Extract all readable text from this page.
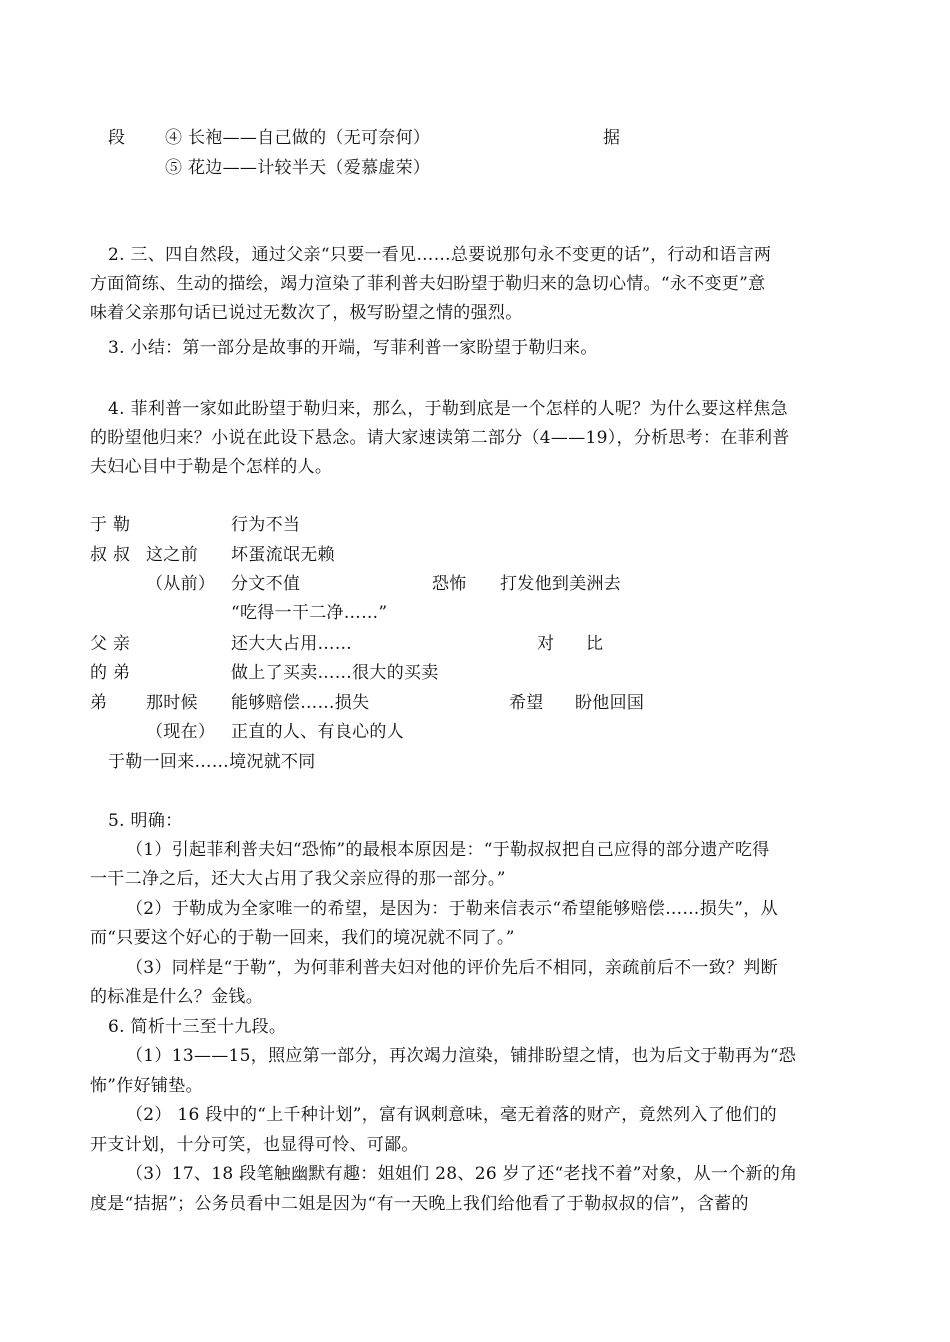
段 ④ 长袍——自己做的（无可奈何）	据
⑤ 花边——计较半天（爱慕虚荣）
2. 三、四自然段，通过父亲“只要一看见……总要说那句永不变更的话”，行动和语言两
方面简练、生动的描绘，竭力渲染了菲利普夫妇盼望于勒归来的急切心情。“永不变更”意
味着父亲那句话已说过无数次了，极写盼望之情的强烈。
3. 小结：第一部分是故事的开端，写菲利普一家盼望于勒归来。
4. 菲利普一家如此盼望于勒归来，那么，于勒到底是一个怎样的人呢？为什么要这样焦急
的盼望他归来？小说在此设下悬念。请大家速读第二部分（4——19），分析思考：在菲利普
夫妇心目中于勒是个怎样的人。
于 勒	行为不当
叔 叔 这之前 坏蛋流氓无赖
（从前） 分文不值	恐怖 打发他到美洲去
“吃得一干二净……”
父 亲	还大大占用……	对 比
的 弟	做上了买卖……很大的买卖
弟 那时候 能够赔偿……损失	希望 盼他回国
（现在） 正直的人、有良心的人
于勒一回来……境况就不同
5. 明确：
（1）引起菲利普夫妇“恐怖”的最根本原因是：“于勒叔叔把自己应得的部分遗产吃得
一干二净之后，还大大占用了我父亲应得的那一部分。”
（2）于勒成为全家唯一的希望，是因为：于勒来信表示“希望能够赔偿……损失”，从
而“只要这个好心的于勒一回来，我们的境况就不同了。”
（3）同样是“于勒”，为何菲利普夫妇对他的评价先后不相同，亲疏前后不一致？判断
的标准是什么？金钱。
6. 简析十三至十九段。
（1）13——15，照应第一部分，再次竭力渲染，铺排盼望之情，也为后文于勒再为“恐
怖”作好铺垫。
（2） 16 段中的“上千种计划”，富有讽刺意味，毫无着落的财产，竟然列入了他们的
开支计划，十分可笑，也显得可怜、可鄙。
（3）17、18 段笔触幽默有趣：姐姐们 28、26 岁了还“老找不着”对象，从一个新的角
度是“拮据”；公务员看中二姐是因为“有一天晚上我们给他看了于勒叔叔的信”，含蓄的
